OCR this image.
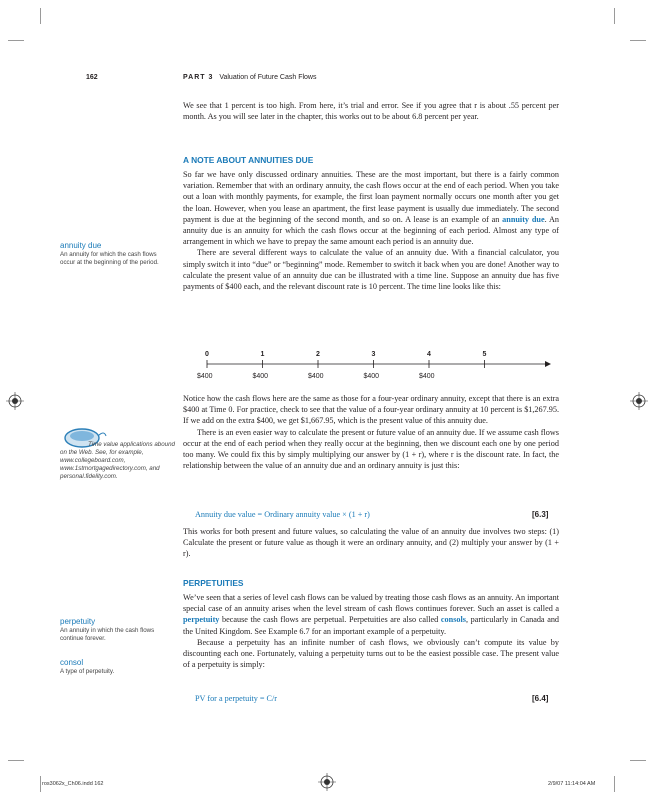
162	PART 3 Valuation of Future Cash Flows

We see that 1 percent is too high. From here, it’s trial and error. See if you agree that r is about .55 percent per month. As you will see later in the chapter, this works out to be about 6.8 percent per year.

A NOTE ABOUT ANNUITIES DUE

So far we have only discussed ordinary annuities. These are the most important, but there is a fairly common variation. Remember that with an ordinary annuity, the cash flows occur at the end of each period. When you take out a loan with monthly payments, for example, the first loan payment normally occurs one month after you get the loan. However, when you lease an apartment, the first lease payment is usually due immediately. The second payment is due at the beginning of the second month, and so on. A lease is an example of an annuity due. An annuity due is an annuity for which the cash flows occur at the beginning of each period. Almost any type of arrangement in which we have to prepay the same amount each period is an annuity due.

There are several different ways to calculate the value of an annuity due. With a financial calculator, you simply switch it into “due” or “beginning” mode. Remember to switch it back when you are done! Another way to calculate the present value of an annuity due can be illustrated with a time line. Suppose an annuity due has five payments of $400 each, and the relevant discount rate is 10 percent. The time line looks like this:

0	1	2	3	4	5
$400	$400	$400	$400	$400

Notice how the cash flows here are the same as those for a four-year ordinary annuity, except that there is an extra $400 at Time 0. For practice, check to see that the value of a four-year ordinary annuity at 10 percent is $1,267.95. If we add on the extra $400, we get $1,667.95, which is the present value of this annuity due.

There is an even easier way to calculate the present or future value of an annuity due. If we assume cash flows occur at the end of each period when they really occur at the beginning, then we discount each one by one period too many. We could fix this by simply multiplying our answer by (1 + r), where r is the discount rate. In fact, the relationship between the value of an annuity due and an ordinary annuity is just this:

Annuity due value = Ordinary annuity value × (1 + r)	[6.3]

This works for both present and future values, so calculating the value of an annuity due involves two steps: (1) Calculate the present or future value as though it were an ordinary annuity, and (2) multiply your answer by (1 + r).

PERPETUITIES

We’ve seen that a series of level cash flows can be valued by treating those cash flows as an annuity. An important special case of an annuity arises when the level stream of cash flows continues forever. Such an asset is called a perpetuity because the cash flows are perpetual. Perpetuities are also called consols, particularly in Canada and the United Kingdom. See Example 6.7 for an important example of a perpetuity.

Because a perpetuity has an infinite number of cash flows, we obviously can’t compute its value by discounting each one. Fortunately, valuing a perpetuity turns out to be the easiest possible case. The present value of a perpetuity is simply:

PV for a perpetuity = C/r	[6.4]
annuity due
An annuity for which the cash flows occur at the beginning of the period.
Time value applications abound on the Web. See, for example, www.collegeboard.com, www.1stmortgagedirectory.com, and personal.fidelity.com.
perpetuity
An annuity in which the cash flows continue forever.
consol
A type of perpetuity.
ros3062x_Ch06.indd 162	2/9/07 11:14:04 AM
